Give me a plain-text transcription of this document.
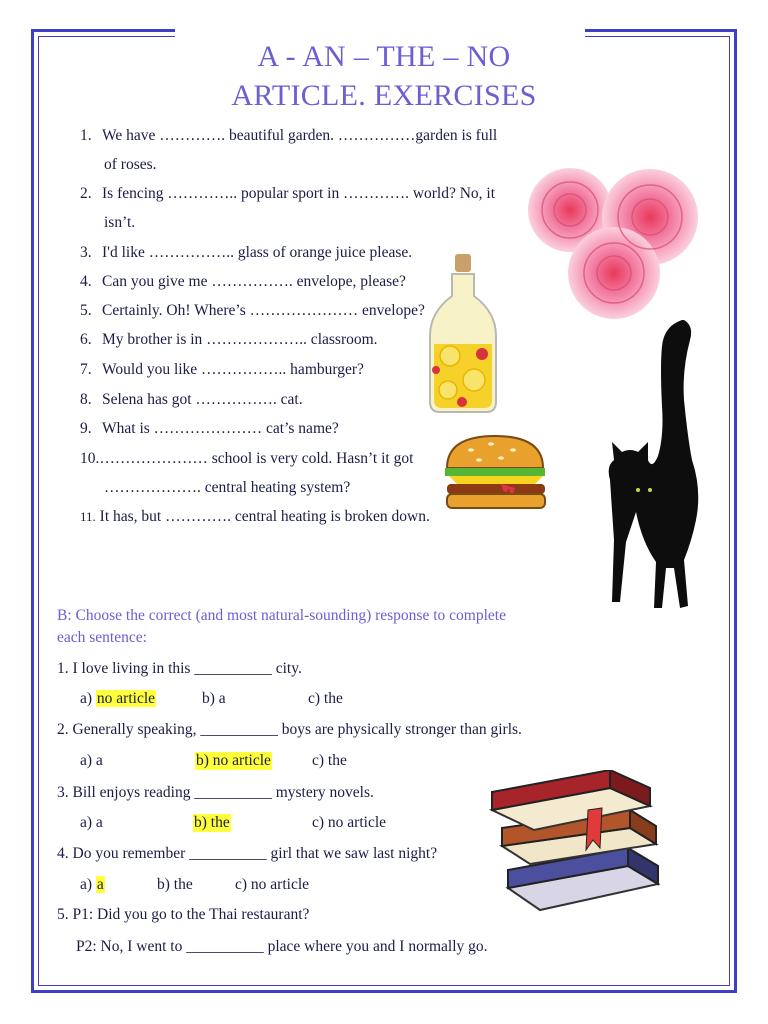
A - AN – THE – NO
ARTICLE. EXERCISES
1. We have …………. beautiful garden. ……………garden is full
of roses.
2. Is fencing ………….. popular sport in …………. world? No, it
isn’t.
3. I'd like …………….. glass of orange juice please.
4. Can you give me ……………. envelope, please?
5. Certainly. Oh! Where’s ………………… envelope?
6. My brother is in ……………….. classroom.
7. Would you like …………….. hamburger?
8. Selena has got ……………. cat.
9. What is ………………… cat’s name?
10.………………… school is very cold. Hasn’t it got
………………. central heating system?
11. It has, but …………. central heating is broken down.
B: Choose the correct (and most natural-sounding) response to complete
each sentence:
1. I love living in this __________ city.
a) no article	b) a	c) the
2. Generally speaking, __________ boys are physically stronger than girls.
a) a	b) no article	c) the
3. Bill enjoys reading __________ mystery novels.
a) a	b) the	c) no article
4. Do you remember __________ girl that we saw last night?
a) a	b) the	c) no article
5. P1: Did you go to the Thai restaurant?
P2: No, I went to __________ place where you and I normally go.
